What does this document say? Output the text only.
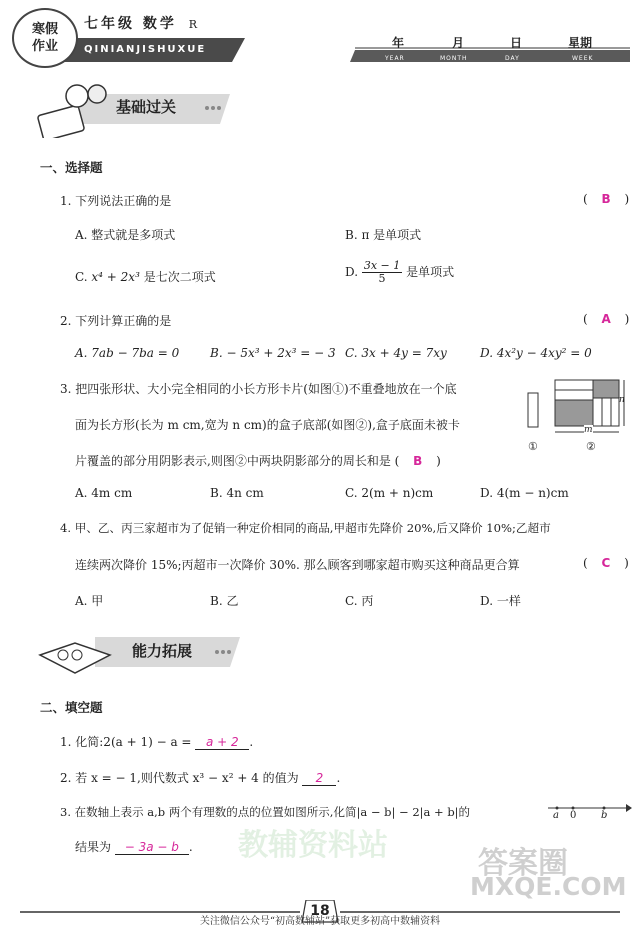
寒假
作业
七年级 数学 R
QINIANJISHUXUE	年	月	日	星期
YEAR	MONTH	DAY	WEEK
基础过关
一、选择题
1. 下列说法正确的是	( B )
A. 整式就是多项式	B. π 是单项式
C. x⁴ + 2x³ 是七次二项式	D. $\frac{3x - 1}{5}$ 是单项式
2. 下列计算正确的是	( A )
A. 7ab − 7ba = 0	B. − 5x³ + 2x³ = − 3 C. 3x + 4y = 7xy	D. 4x²y − 4xy² = 0
3. 把四张形状、大小完全相同的小长方形卡片(如图①)不重叠地放在一个底
面为长方形(长为 m cm,宽为 n cm)的盒子底部(如图②),盒子底面未被卡
片覆盖的部分用阴影表示,则图②中两块阴影部分的周长和是 ( B )
①	②
m
n
A. 4m cm	B. 4n cm	C. 2(m + n)cm	D. 4(m − n)cm
4. 甲、乙、丙三家超市为了促销一种定价相同的商品,甲超市先降价 20%,后又降价 10%;乙超市
连续两次降价 15%;丙超市一次降价 30%. 那么顾客到哪家超市购买这种商品更合算	( C )
A. 甲	B. 乙	C. 丙	D. 一样
能力拓展
教辅资料站
二、填空题
1. 化简:2(a + 1) − a = a + 2 .
2. 若 x = − 1,则代数式 x³ − x² + 4 的值为 2 .
3. 在数轴上表示 a,b 两个有理数的点的位置如图所示,化简|a − b| − 2|a + b|的	a 0 b
结果为 − 3a − b .	答案圈
MXQE.COM
18
关注微信公众号“初高数辅站”获取更多初高中数辅资料
